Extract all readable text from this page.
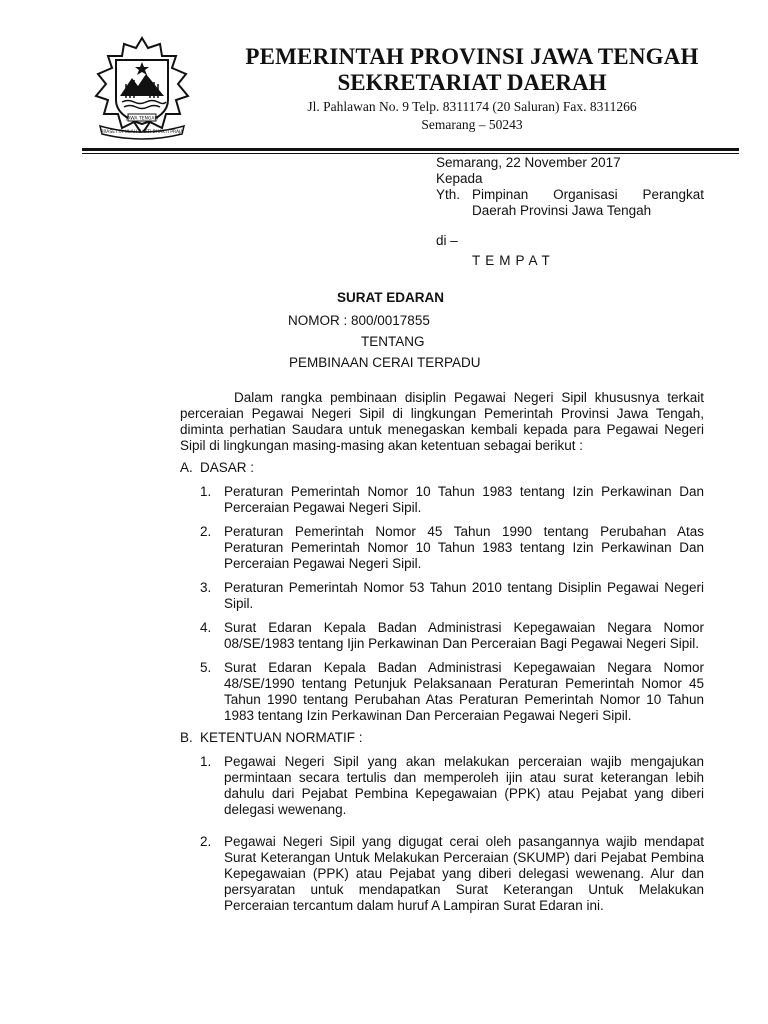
PRASETYA ULAH SAKTI BHAKTI PRAJA
JAWA TENGAH
PEMERINTAH PROVINSI JAWA TENGAH
SEKRETARIAT DAERAH
Jl. Pahlawan No. 9 Telp. 8311174 (20 Saluran) Fax. 8311266
Semarang – 50243
Semarang, 22 November 2017
Kepada
Yth. Pimpinan Organisasi Perangkat
Daerah Provinsi Jawa Tengah
di –
TEMPAT
SURAT EDARAN
NOMOR : 800/0017855
TENTANG
PEMBINAAN CERAI TERPADU

Dalam rangka pembinaan disiplin Pegawai Negeri Sipil khususnya terkait perceraian Pegawai Negeri Sipil di lingkungan Pemerintah Provinsi Jawa Tengah, diminta perhatian Saudara untuk menegaskan kembali kepada para Pegawai Negeri Sipil di lingkungan masing-masing akan ketentuan sebagai berikut :

A. DASAR :
1. Peraturan Pemerintah Nomor 10 Tahun 1983 tentang Izin Perkawinan Dan Perceraian Pegawai Negeri Sipil.
2. Peraturan Pemerintah Nomor 45 Tahun 1990 tentang Perubahan Atas Peraturan Pemerintah Nomor 10 Tahun 1983 tentang Izin Perkawinan Dan Perceraian Pegawai Negeri Sipil.
3. Peraturan Pemerintah Nomor 53 Tahun 2010 tentang Disiplin Pegawai Negeri Sipil.
4. Surat Edaran Kepala Badan Administrasi Kepegawaian Negara Nomor 08/SE/1983 tentang Ijin Perkawinan Dan Perceraian Bagi Pegawai Negeri Sipil.
5. Surat Edaran Kepala Badan Administrasi Kepegawaian Negara Nomor 48/SE/1990 tentang Petunjuk Pelaksanaan Peraturan Pemerintah Nomor 45 Tahun 1990 tentang Perubahan Atas Peraturan Pemerintah Nomor 10 Tahun 1983 tentang Izin Perkawinan Dan Perceraian Pegawai Negeri Sipil.
B. KETENTUAN NORMATIF :
1. Pegawai Negeri Sipil yang akan melakukan perceraian wajib mengajukan permintaan secara tertulis dan memperoleh ijin atau surat keterangan lebih dahulu dari Pejabat Pembina Kepegawaian (PPK) atau Pejabat yang diberi delegasi wewenang.
2. Pegawai Negeri Sipil yang digugat cerai oleh pasangannya wajib mendapat Surat Keterangan Untuk Melakukan Perceraian (SKUMP) dari Pejabat Pembina Kepegawaian (PPK) atau Pejabat yang diberi delegasi wewenang. Alur dan persyaratan untuk mendapatkan Surat Keterangan Untuk Melakukan Perceraian tercantum dalam huruf A Lampiran Surat Edaran ini.
